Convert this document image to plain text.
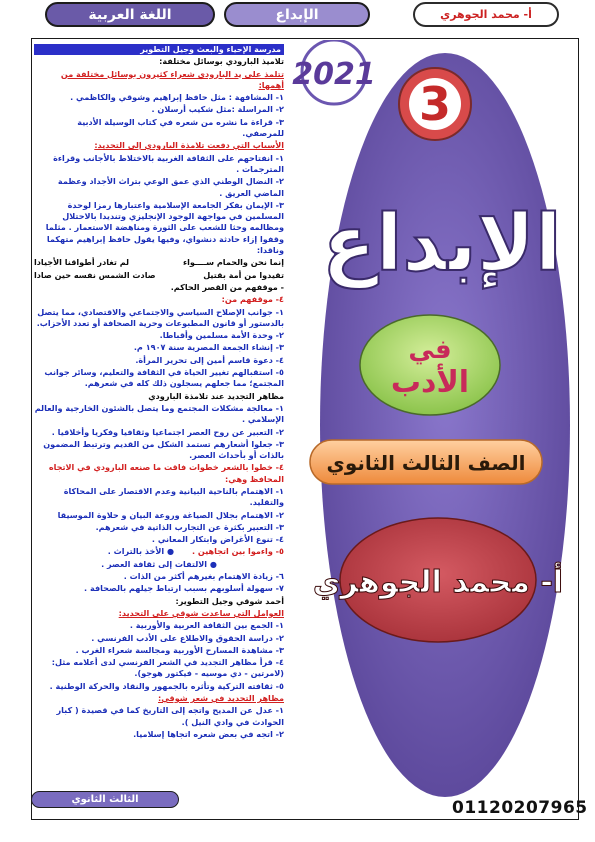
أ- محمد الجوهري
الإبداع
اللغة العربية
مدرسة الإحياء والبعث وجيل التطوير

تلاميذ البارودي بوسائل مختلفة:

تتلمذ على يد البارودي شعراء كثيرون بوسائل مختلفة من أهمها:

١- المشافهة : مثل حافظ إبراهيم وشوقي والكاظمي .

٢- المراسلة :مثل شكيب أرسلان .

٣- قراءة ما نشره من شعره في كتاب الوسيلة الأدبية للمرصفي.

الأسباب التي دفعت تلامذة البارودي إلى التجديد:

١- انفتاحهم على الثقافة الغربية بالاختلاط بالأجانب وقراءة المترجمات .

٢- النضال الوطني الذي عمق الوعي بتراث الأجداد وعظمة الماضي العريق .

٣- الإيمان بفكر الجامعة الإسلامية واعتبارها رمزا لوحدة المسلمين في مواجهة الوجود الإنجليزي وتنديدا بالاحتلال ومظالمه وحثا للشعب على الثورة ومناهضة الاستعمار . مثلما وقفوا إزاء حادثة دنشواي، وفيها يقول حافظ إبراهيم متهكما وناقدا:

إنما نحن والحمام ســــواء
لم تغادر أطواقنا الأجيادا
تقيدوا من أمة بقتيل
صادت الشمس نفسه حين صادا

- موقفهم من القصر الحاكم.

٤- موقفهم من:

١- جوانب الإصلاح السياسي والاجتماعي والاقتصادي، مما يتصل بالدستور أو قانون المطبوعات وحرية الصحافة أو تعدد الأحزاب.

٢- وحدة الأمة مسلمين وأقباطا.

٣- إنشاء الجمعة المصرية سنة ١٩٠٧ م.

٤- دعوة قاسم أمين إلى تحرير المرأة.

٥- استقبالهم تغيير الحياة في الثقافة والتعليم، وسائر جوانب المجتمع؛ مما جعلهم يسجلون ذلك كله في شعرهم.

مظاهر التجديد عند تلامذة البارودي

١- معالجة مشكلات المجتمع وما يتصل بالشئون الخارجية والعالم الإسلامي .

٢- التعبير عن روح العصر اجتماعيا وثقافيا وفكريا وأخلاقيا .

٣- جعلوا أشعارهم تستمد الشكل من القديم وترتبط المضمون بالذات أو بأحداث العصر.

٤- خطوا بالشعر خطوات فاقت ما صنعه البارودي في الاتجاه المحافظ وهي:

١- الاهتمام بالناحية البيانية وعدم الاقتصار على المحاكاة والتقليد.

٢- الاهتمام بجلال الصياغة وروعة البيان و حلاوة الموسيقا

٣- التعبير بكثرة عن التجارب الذاتية في شعرهم.

٤- تنوع الأغراض وابتكار المعاني .

٥- واءموا بين اتجاهين .
● الأخذ بالتراث .

● الالتفات إلى ثقافة العصر .

٦- زيادة الاهتمام بغيرهم أكثر من الذات .

٧- سهولة أسلوبهم بسبب ارتباط جيلهم بالصحافة .

أحمد شوقي وجيل التطوير:

العوامل التي ساعدت شوقي على التجديد:

١- الجمع بين الثقافة العربية والأوربية .

٢- دراسة الحقوق والاطلاع على الأدب الفرنسي .

٣- مشاهدة المسارح الأوربية ومجالسة شعراء الغرب .

٤- قرأ مظاهر التجديد في الشعر الفرنسي لدى أعلامه مثل: (لامرتين - دي موسيه - فيكتور هوجو).

٥- ثقافته التركية وتأثره بالجمهور والنقاد والحركة الوطنية .

مظاهر التجديد في شعر شوقي:

١- عدل عن المديح واتجه إلى التاريخ كما في قصيدة ( كبار الحوادث في وادي النيل ).

٢- اتجه في بعض شعره اتجاها إسلاميا.

2021
3
الإبداع
في
الأدب
الصف الثالث الثانوي
أ- محمد الجوهري
الثالث الثانوي	01120207965
